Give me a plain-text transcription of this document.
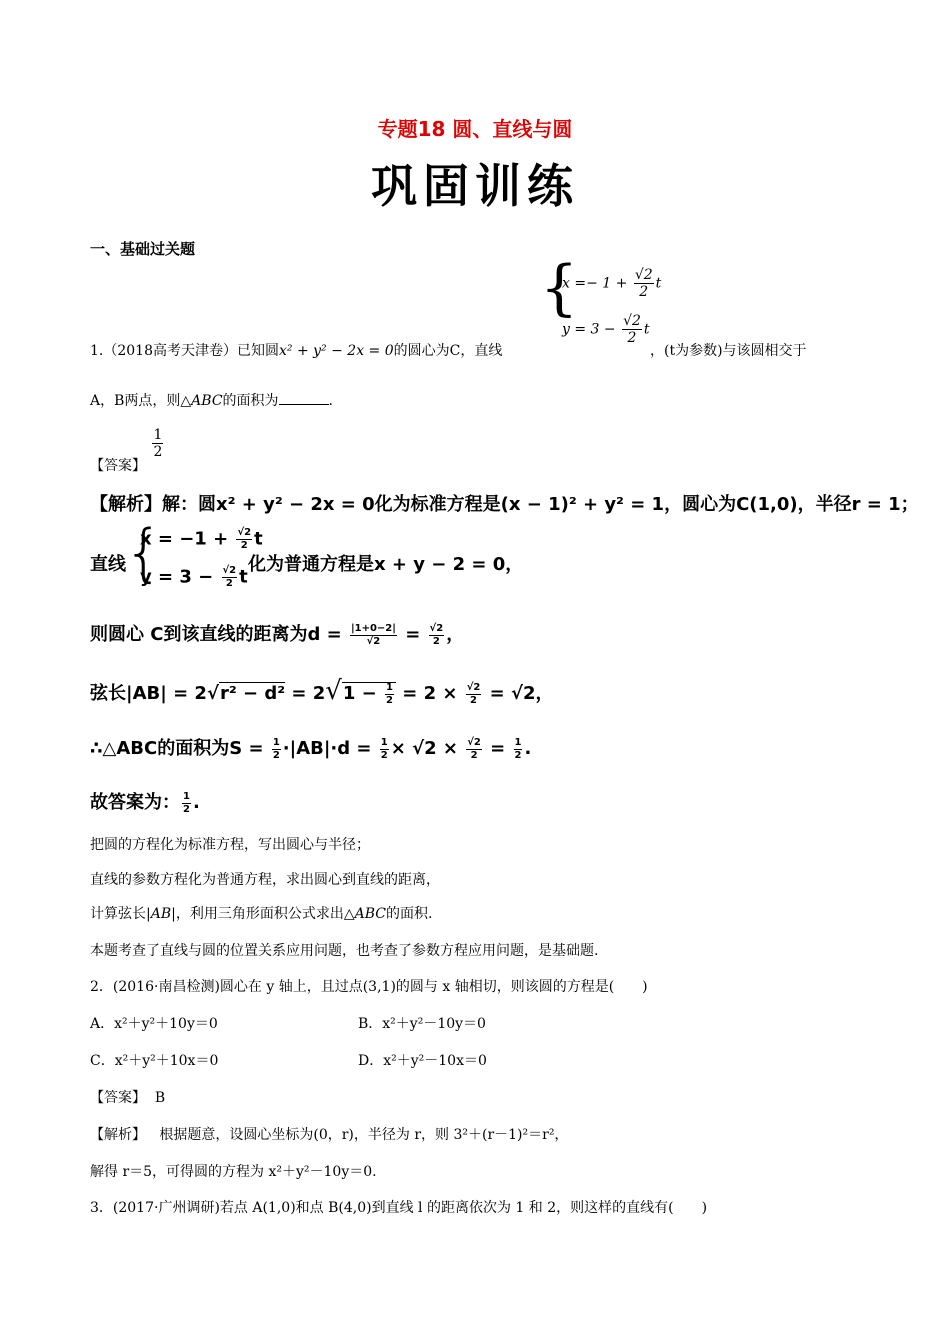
专题18 圆、直线与圆
巩固训练
一、基础过关题
{
$x =- 1 + \frac{√2}{2}$ t
$y = 3 - \frac{√2}{2}$ t
1.（2018高考天津卷）已知圆x² + y² − 2x = 0的圆心为C，直线	，(t为参数)与该圆相交于
A，B两点，则△ABC的面积为	.
【答案】
$\frac{1}{2}$
【解析】解：圆x² + y² − 2x = 0化为标准方程是(x − 1)² + y² = 1，圆心为C(1,0)，半径r = 1；
直线
{
$x = -1 + \frac{√2}{2}$ t
$y = 3 - \frac{√2}{2}$ t
化为普通方程是x + y − 2 = 0，
则圆心 C到该直线的距离为$d = \frac{|1+0-2|}{√2} = \frac{√2}{2}$ ，
弦长$|AB| = 2√r^2 - d^2 = 2√1 - \frac{1}{2} = 2 \times \frac{√2}{2} = √2$，
∴△ABC的面积为$S = \frac{1}{2} \cdot|AB|\cdot d = \frac{1}{2} \times √2 \times \frac{√2}{2} = \frac{1}{2}$ .
故答案为： $\frac{1}{2}$ .
把圆的方程化为标准方程，写出圆心与半径；
直线的参数方程化为普通方程，求出圆心到直线的距离，
计算弦长|AB|，利用三角形面积公式求出△ABC的面积.
本题考查了直线与圆的位置关系应用问题，也考查了参数方程应用问题，是基础题.
2．(2016·南昌检测)圆心在 y 轴上，且过点(3,1)的圆与 x 轴相切，则该圆的方程是(　　)
A．x²＋y²＋10y＝0	B．x²＋y²－10y＝0
C．x²＋y²＋10x＝0	D．x²＋y²－10x＝0
【答案】 B
【解析】 根据题意，设圆心坐标为(0，r)，半径为 r，则 3²＋(r－1)²＝r²，
解得 r＝5，可得圆的方程为 x²＋y²－10y＝0.
3．(2017·广州调研)若点 A(1,0)和点 B(4,0)到直线 l 的距离依次为 1 和 2，则这样的直线有(　　)
